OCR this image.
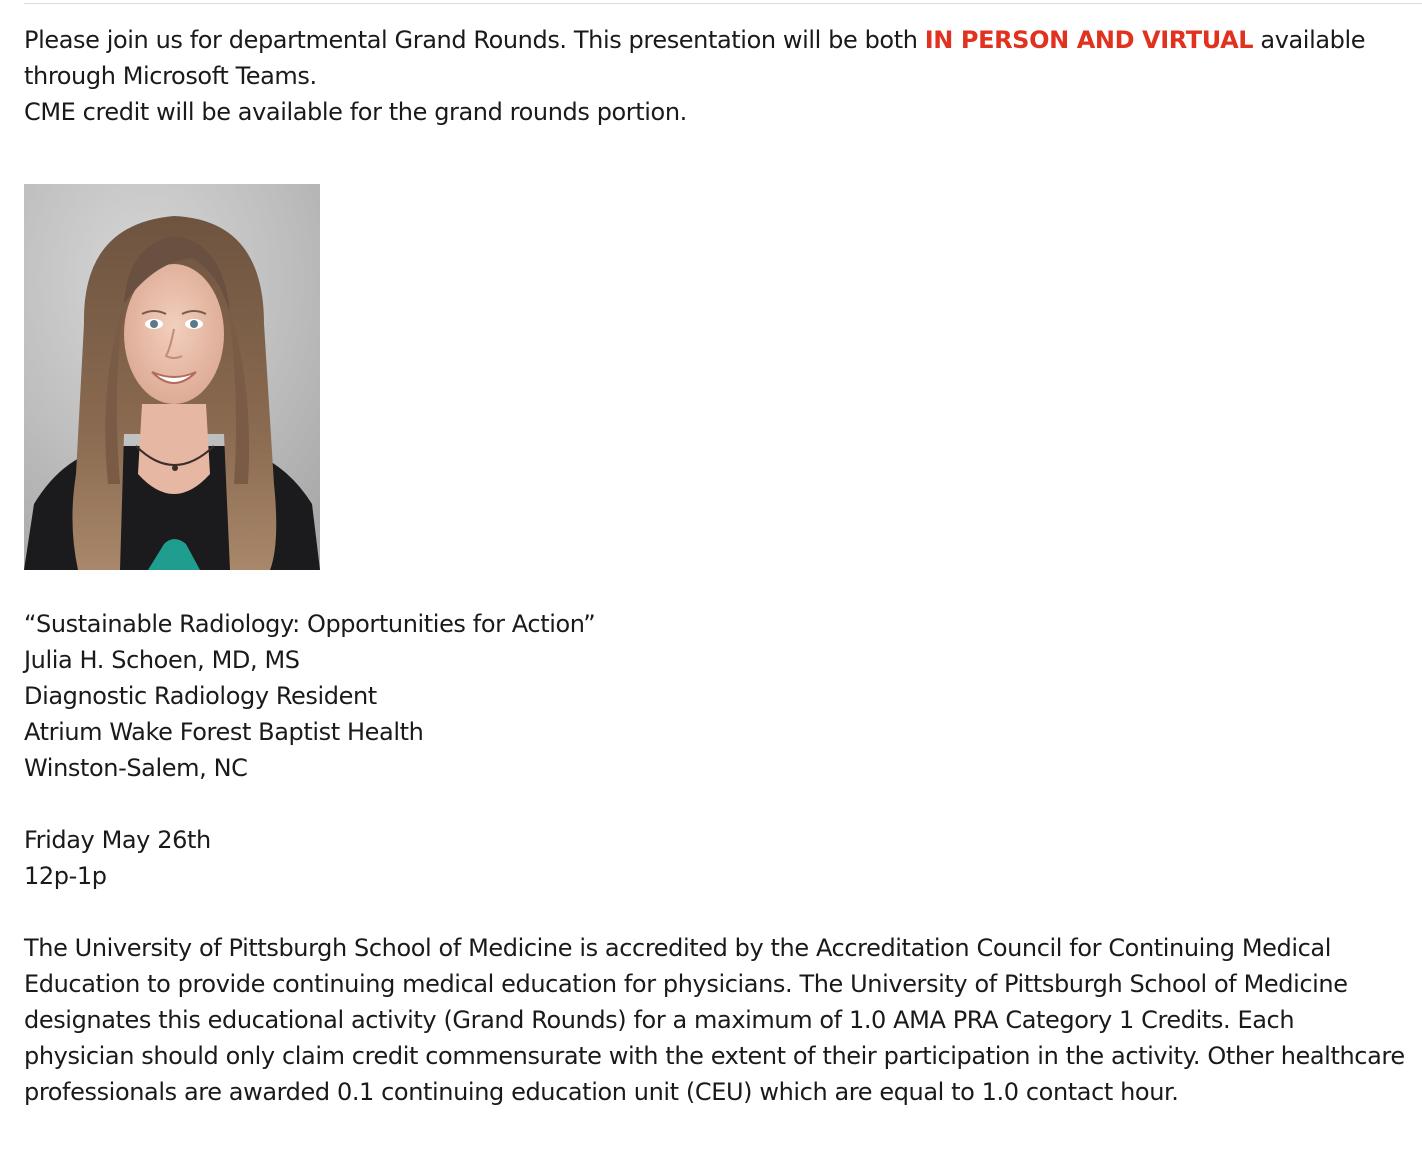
Please join us for departmental Grand Rounds. This presentation will be both IN PERSON AND VIRTUAL available through Microsoft Teams.

CME credit will be available for the grand rounds portion.

“Sustainable Radiology: Opportunities for Action”

Julia H. Schoen, MD, MS

Diagnostic Radiology Resident

Atrium Wake Forest Baptist Health

Winston-Salem, NC

Friday May 26th

12p-1p

The University of Pittsburgh School of Medicine is accredited by the Accreditation Council for Continuing Medical Education to provide continuing medical education for physicians. The University of Pittsburgh School of Medicine designates this educational activity (Grand Rounds) for a maximum of 1.0 AMA PRA Category 1 Credits. Each physician should only claim credit commensurate with the extent of their participation in the activity. Other healthcare professionals are awarded 0.1 continuing education unit (CEU) which are equal to 1.0 contact hour.
